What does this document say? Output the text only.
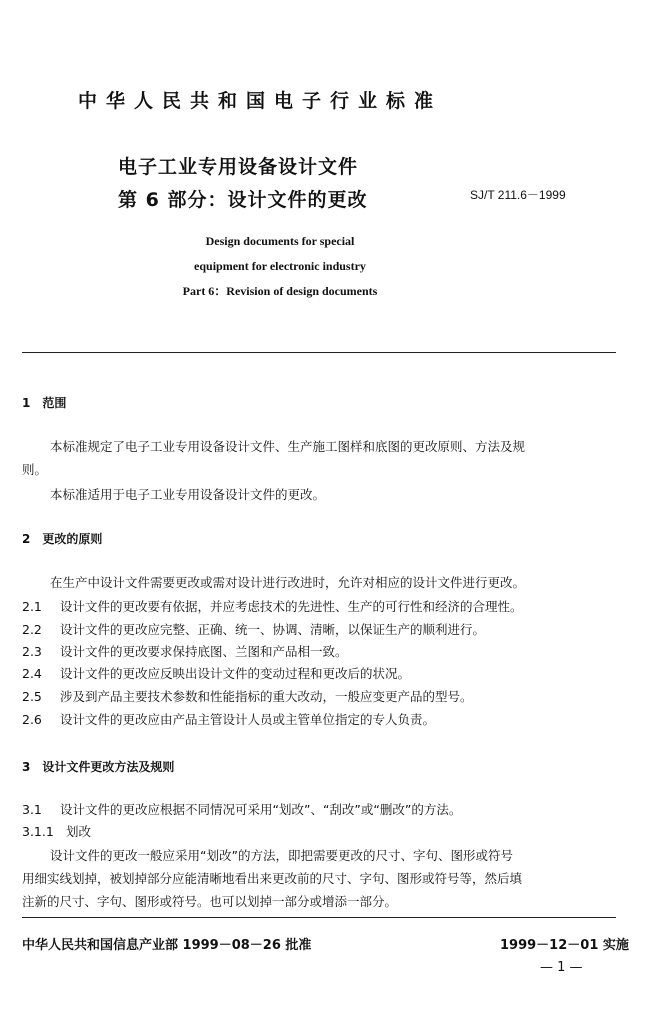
中华人民共和国电子行业标准
电子工业专用设备设计文件
第 6 部分：设计文件的更改	SJ/T 211.6－1999
Design documents for special
equipment for electronic industry
Part 6：Revision of design documents
1　范围
本标准规定了电子工业专用设备设计文件、生产施工图样和底图的更改原则、方法及规
则。
本标准适用于电子工业专用设备设计文件的更改。
2　更改的原则
在生产中设计文件需要更改或需对设计进行改进时，允许对相应的设计文件进行更改。
2.1 设计文件的更改要有依据，并应考虑技术的先进性、生产的可行性和经济的合理性。
2.2 设计文件的更改应完整、正确、统一、协调、清晰，以保证生产的顺利进行。
2.3 设计文件的更改要求保持底图、兰图和产品相一致。
2.4 设计文件的更改应反映出设计文件的变动过程和更改后的状况。
2.5 涉及到产品主要技术参数和性能指标的重大改动，一般应变更产品的型号。
2.6 设计文件的更改应由产品主管设计人员或主管单位指定的专人负责。
3　设计文件更改方法及规则
3.1 设计文件的更改应根据不同情况可采用“划改”、“刮改”或“删改”的方法。
3.1.1 划改
设计文件的更改一般应采用“划改”的方法，即把需要更改的尺寸、字句、图形或符号
用细实线划掉，被划掉部分应能清晰地看出来更改前的尺寸、字句、图形或符号等，然后填
注新的尺寸、字句、图形或符号。也可以划掉一部分或增添一部分。
中华人民共和国信息产业部 1999－08－26 批准	1999－12－01 实施
— 1 —
